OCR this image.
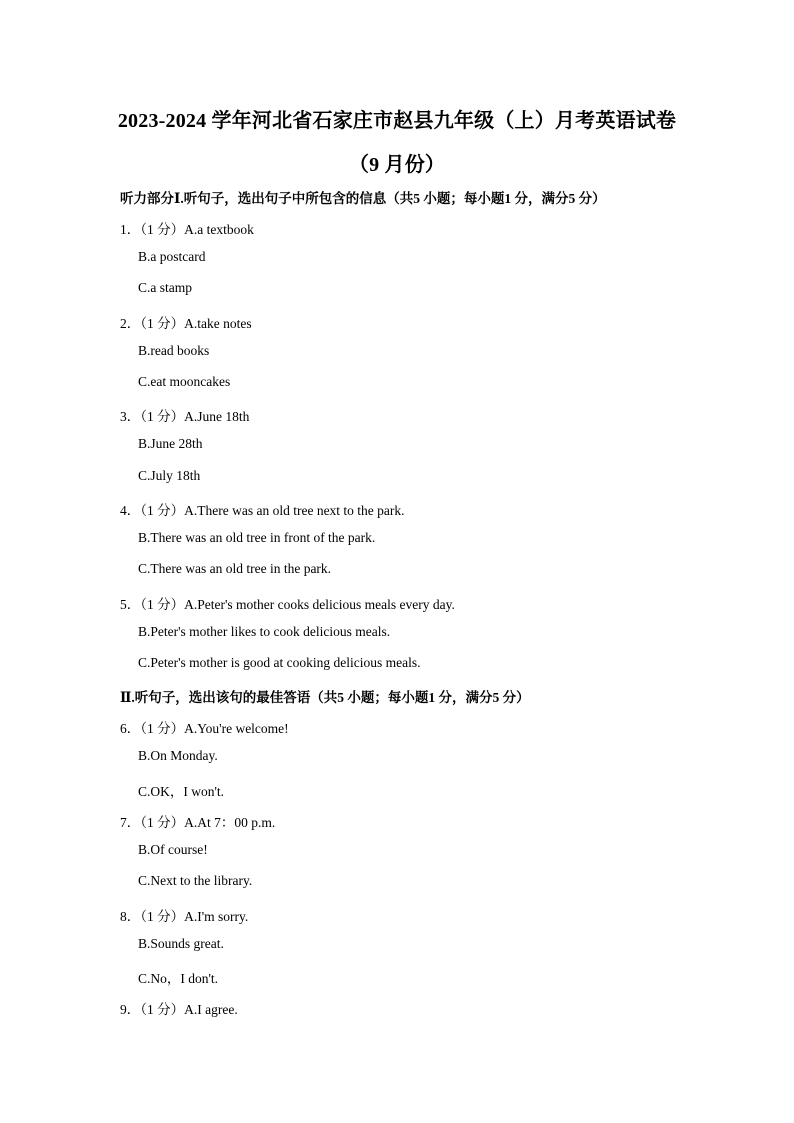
2023-2024 学年河北省石家庄市赵县九年级（上）月考英语试卷
（9 月份）
听力部分Ⅰ.听句子，选出句子中所包含的信息（共5 小题；每小题1 分，满分5 分）
1．（1 分）A.a textbook
B.a postcard
C.a stamp
2．（1 分）A.take notes
B.read books
C.eat mooncakes
3．（1 分）A.June 18th
B.June 28th
C.July 18th
4．（1 分）A.There was an old tree next to the park.
B.There was an old tree in front of the park.
C.There was an old tree in the park.
5．（1 分）A.Peter's mother cooks delicious meals every day.
B.Peter's mother likes to cook delicious meals.
C.Peter's mother is good at cooking delicious meals.
Ⅱ.听句子，选出该句的最佳答语（共5 小题；每小题1 分，满分5 分）
6．（1 分）A.You're welcome!
B.On Monday.
C.OK，I won't.
7．（1 分）A.At 7：00 p.m.
B.Of course!
C.Next to the library.
8．（1 分）A.I'm sorry.
B.Sounds great.
C.No，I don't.
9．（1 分）A.I agree.
